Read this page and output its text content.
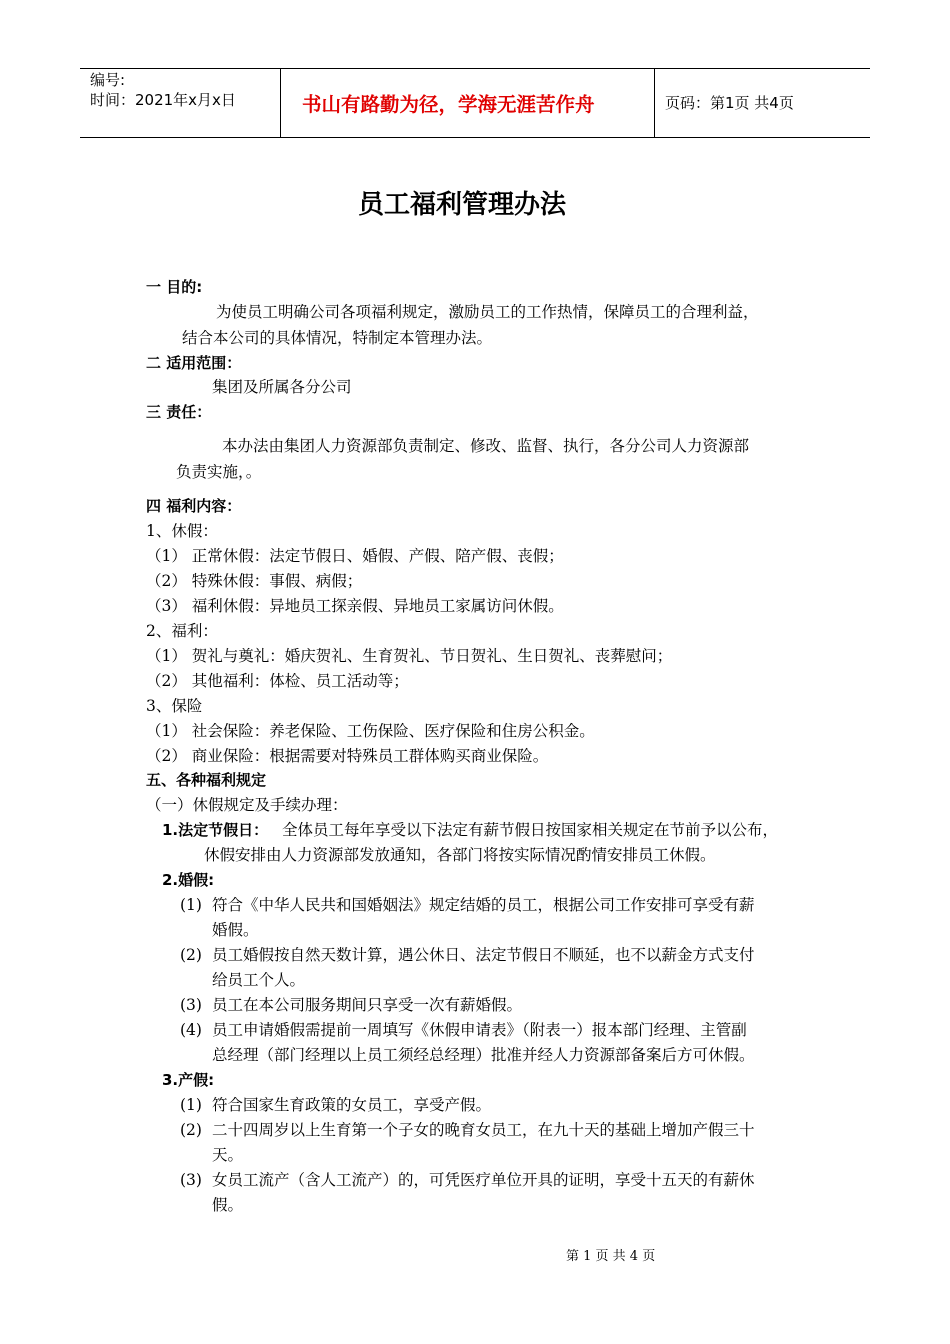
编号:
时间：2021年x月x日	书山有路勤为径，学海无涯苦作舟	页码：第1页 共4页
员工福利管理办法
一 目的:
为使员工明确公司各项福利规定，激励员工的工作热情，保障员工的合理利益，
结合本公司的具体情况，特制定本管理办法。
二 适用范围：
集团及所属各分公司
三 责任：
本办法由集团人力资源部负责制定、修改、监督、执行，各分公司人力资源部
负责实施，。
四 福利内容：
1、休假：
（1） 正常休假：法定节假日、婚假、产假、陪产假、丧假；
（2） 特殊休假：事假、病假；
（3） 福利休假：异地员工探亲假、异地员工家属访问休假。
2、福利：
（1） 贺礼与奠礼：婚庆贺礼、生育贺礼、节日贺礼、生日贺礼、丧葬慰问；
（2） 其他福利：体检、员工活动等；
3、保险
（1） 社会保险：养老保险、工伤保险、医疗保险和住房公积金。
（2） 商业保险：根据需要对特殊员工群体购买商业保险。
五、各种福利规定
（一）休假规定及手续办理：
1.法定节假日： 全体员工每年享受以下法定有薪节假日按国家相关规定在节前予以公布，
休假安排由人力资源部发放通知，各部门将按实际情况酌情安排员工休假。
2.婚假:
(1) 符合《中华人民共和国婚姻法》规定结婚的员工，根据公司工作安排可享受有薪
婚假。
(2) 员工婚假按自然天数计算，遇公休日、法定节假日不顺延，也不以薪金方式支付
给员工个人。
(3) 员工在本公司服务期间只享受一次有薪婚假。
(4) 员工申请婚假需提前一周填写《休假申请表》（附表一）报本部门经理、主管副
总经理（部门经理以上员工须经总经理）批准并经人力资源部备案后方可休假。
3.产假:
(1) 符合国家生育政策的女员工，享受产假。
(2) 二十四周岁以上生育第一个子女的晚育女员工，在九十天的基础上增加产假三十
天。
(3) 女员工流产（含人工流产）的，可凭医疗单位开具的证明，享受十五天的有薪休
假。
第 1 页 共 4 页
